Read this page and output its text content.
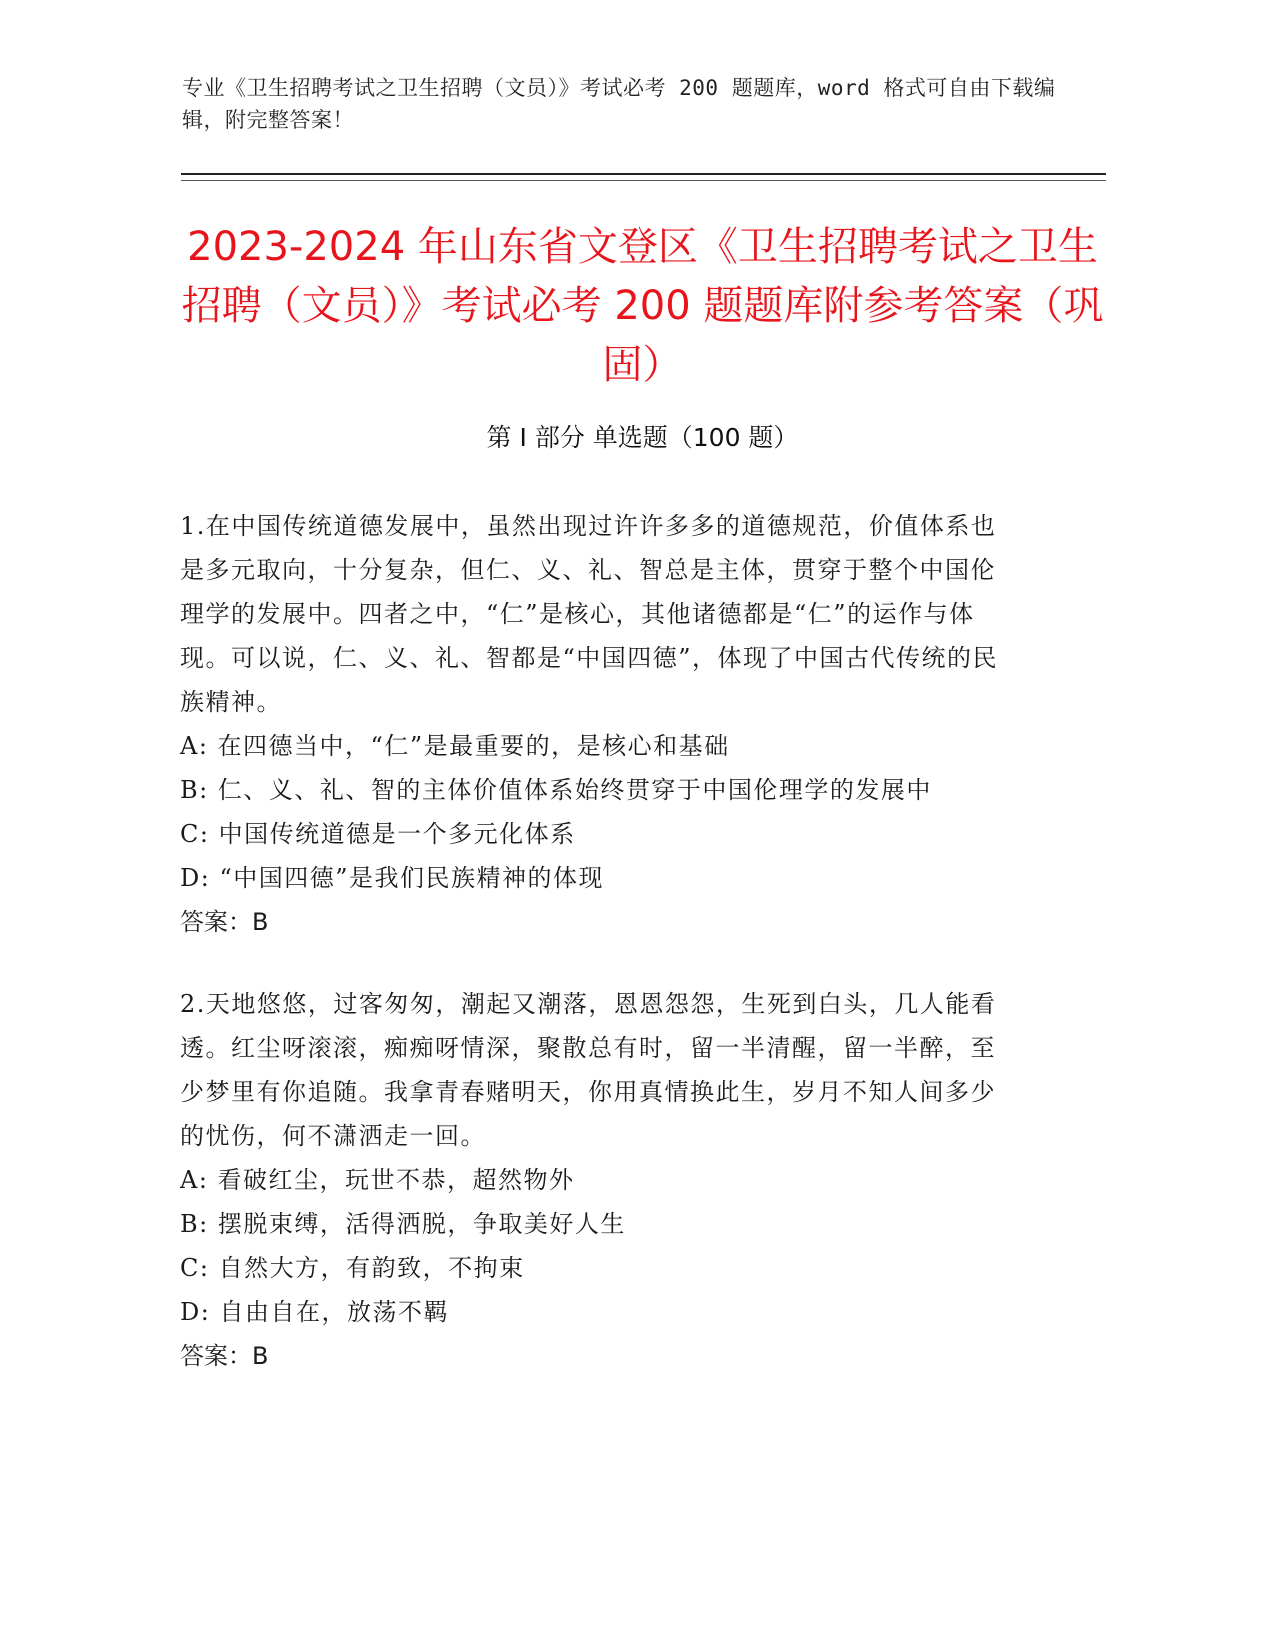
专业《卫生招聘考试之卫生招聘（文员）》考试必考 200 题题库，word 格式可自由下载编辑，附完整答案！
2023-2024 年山东省文登区《卫生招聘考试之卫生招聘（文员）》考试必考 200 题题库附参考答案（巩固）
第 I 部分 单选题（100 题）

1.在中国传统道德发展中，虽然出现过许许多多的道德规范，价值体系也是多元取向，十分复杂，但仁、义、礼、智总是主体，贯穿于整个中国伦理学的发展中。四者之中，“仁”是核心，其他诸德都是“仁”的运作与体现。可以说，仁、义、礼、智都是“中国四德”，体现了中国古代传统的民族精神。

A: 在四德当中，“仁”是最重要的，是核心和基础

B: 仁、义、礼、智的主体价值体系始终贯穿于中国伦理学的发展中

C: 中国传统道德是一个多元化体系

D: “中国四德”是我们民族精神的体现

答案：B

2.天地悠悠，过客匆匆，潮起又潮落，恩恩怨怨，生死到白头，几人能看透。红尘呀滚滚，痴痴呀情深，聚散总有时，留一半清醒，留一半醉，至少梦里有你追随。我拿青春赌明天，你用真情换此生，岁月不知人间多少的忧伤，何不潇洒走一回。

A: 看破红尘，玩世不恭，超然物外

B: 摆脱束缚，活得洒脱，争取美好人生

C: 自然大方，有韵致，不拘束

D: 自由自在，放荡不羁

答案：B
